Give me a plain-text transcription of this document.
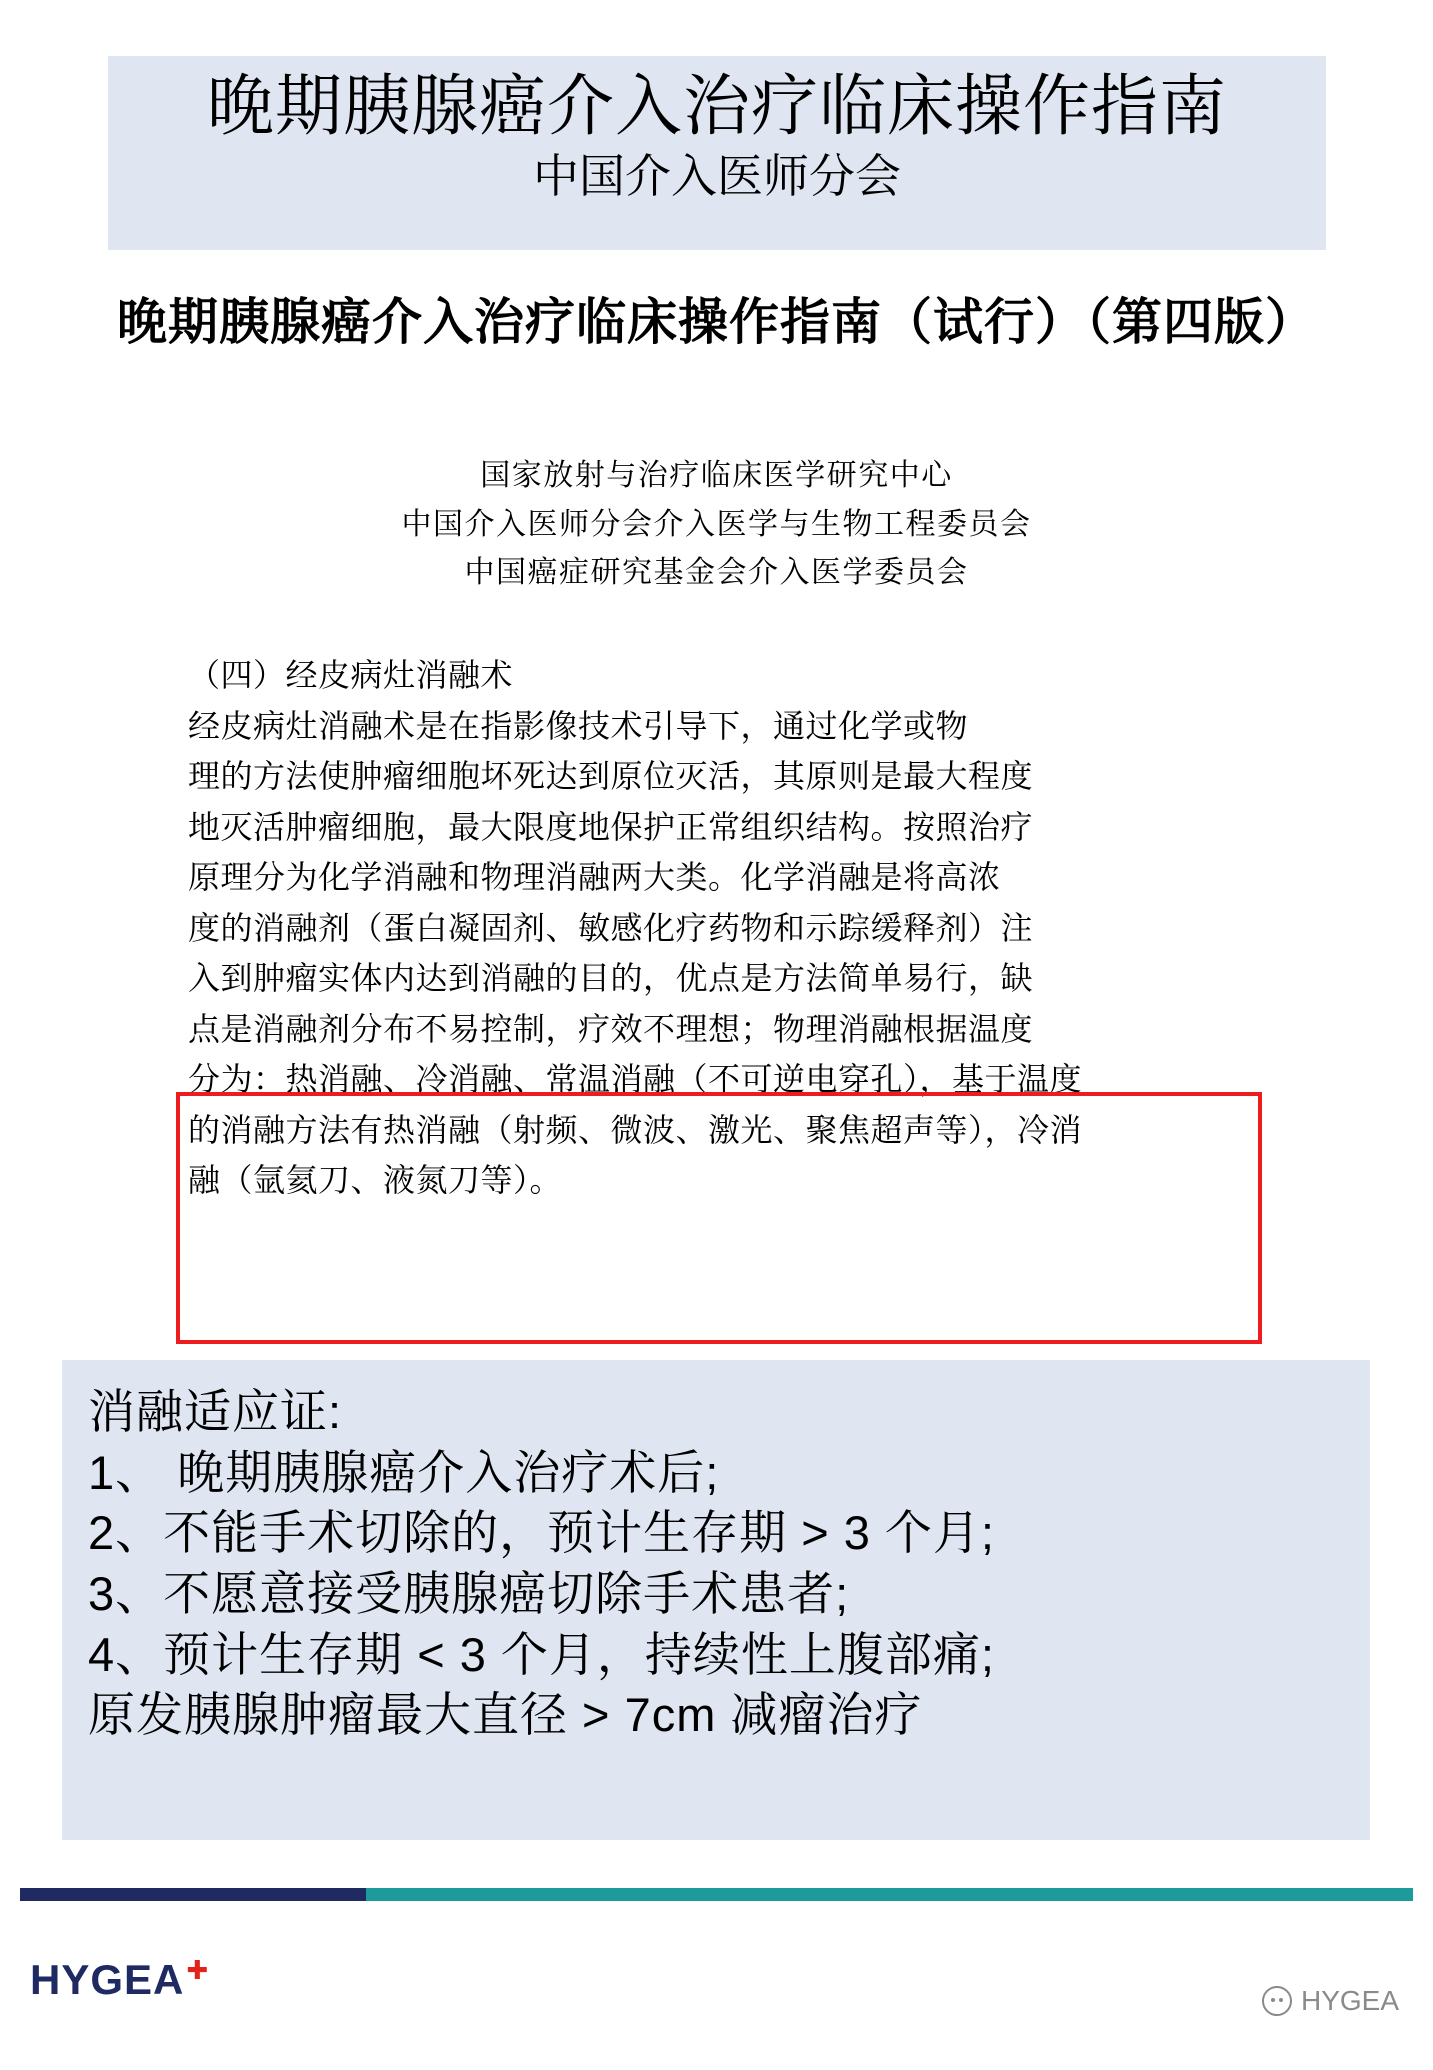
晚期胰腺癌介入治疗临床操作指南
中国介入医师分会
晚期胰腺癌介入治疗临床操作指南（试行）（第四版）
国家放射与治疗临床医学研究中心
中国介入医师分会介入医学与生物工程委员会
中国癌症研究基金会介入医学委员会

（四）经皮病灶消融术

经皮病灶消融术是在指影像技术引导下，通过化学或物

理的方法使肿瘤细胞坏死达到原位灭活，其原则是最大程度

地灭活肿瘤细胞，最大限度地保护正常组织结构。按照治疗

原理分为化学消融和物理消融两大类。化学消融是将高浓

度的消融剂（蛋白凝固剂、敏感化疗药物和示踪缓释剂）注

入到肿瘤实体内达到消融的目的，优点是方法简单易行，缺

点是消融剂分布不易控制，疗效不理想；物理消融根据温度

分为：热消融、冷消融、常温消融（不可逆电穿孔），基于温度

的消融方法有热消融（射频、微波、激光、聚焦超声等），冷消

融（氩氦刀、液氮刀等）。

消融适应证:
1、 晚期胰腺癌介入治疗术后;
2、不能手术切除的，预计生存期 > 3 个月;
3、不愿意接受胰腺癌切除手术患者;
4、预计生存期 < 3 个月，持续性上腹部痛;
原发胰腺肿瘤最大直径 > 7cm 减瘤治疗
HYGEA✚
HYGEA
